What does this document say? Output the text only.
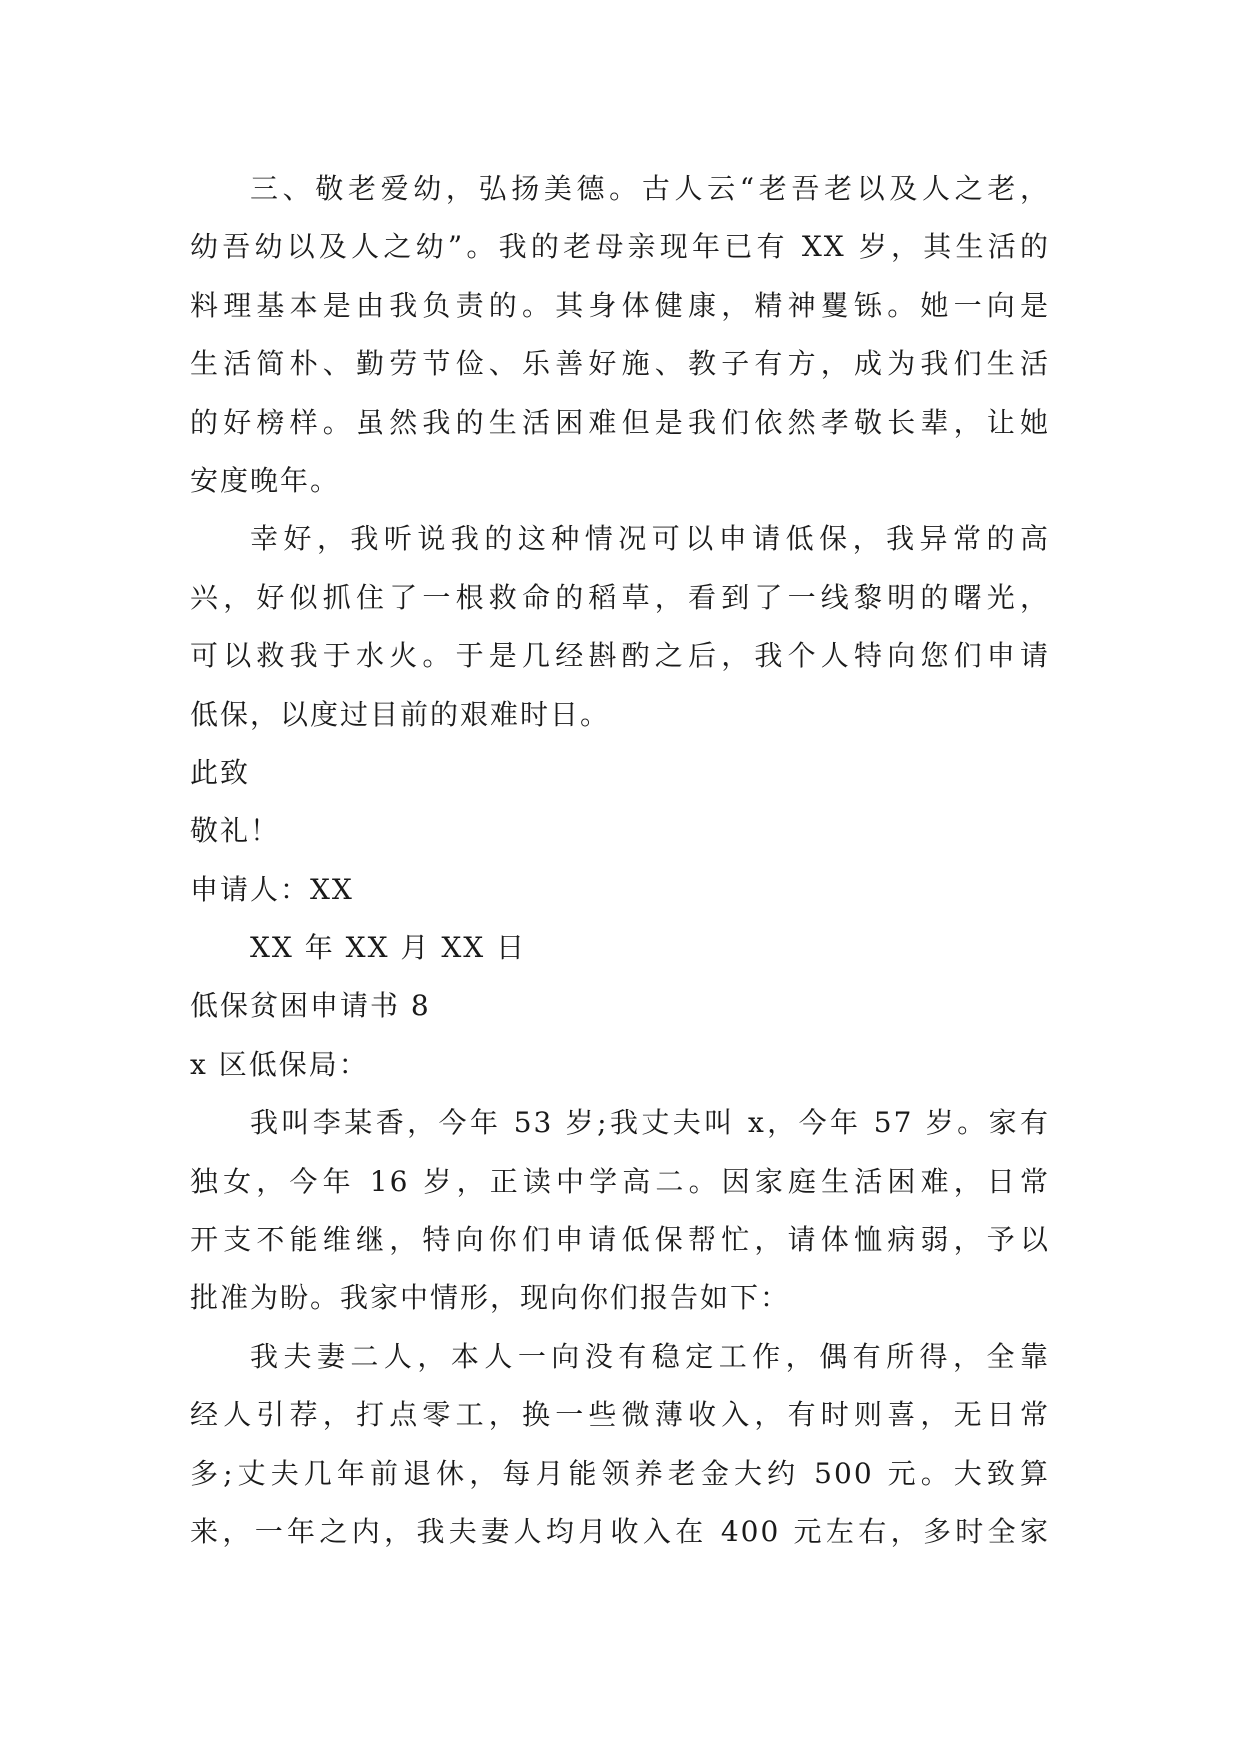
三、敬老爱幼，弘扬美德。古人云“老吾老以及人之老，
幼吾幼以及人之幼”。我的老母亲现年已有 XX 岁，其生活的
料理基本是由我负责的。其身体健康，精神矍铄。她一向是
生活简朴、勤劳节俭、乐善好施、教子有方，成为我们生活
的好榜样。虽然我的生活困难但是我们依然孝敬长辈，让她
安度晚年。
幸好，我听说我的这种情况可以申请低保，我异常的高
兴，好似抓住了一根救命的稻草，看到了一线黎明的曙光，
可以救我于水火。于是几经斟酌之后，我个人特向您们申请
低保，以度过目前的艰难时日。
此致
敬礼！
申请人：XX
XX 年 XX 月 XX 日
低保贫困申请书 8
x 区低保局：
我叫李某香，今年 53 岁;我丈夫叫 x，今年 57 岁。家有
独女，今年 16 岁，正读中学高二。因家庭生活困难，日常
开支不能维继，特向你们申请低保帮忙，请体恤病弱，予以
批准为盼。我家中情形，现向你们报告如下：
我夫妻二人，本人一向没有稳定工作，偶有所得，全靠
经人引荐，打点零工，换一些微薄收入，有时则喜，无日常
多;丈夫几年前退休，每月能领养老金大约 500 元。大致算
来，一年之内，我夫妻人均月收入在 400 元左右，多时全家
